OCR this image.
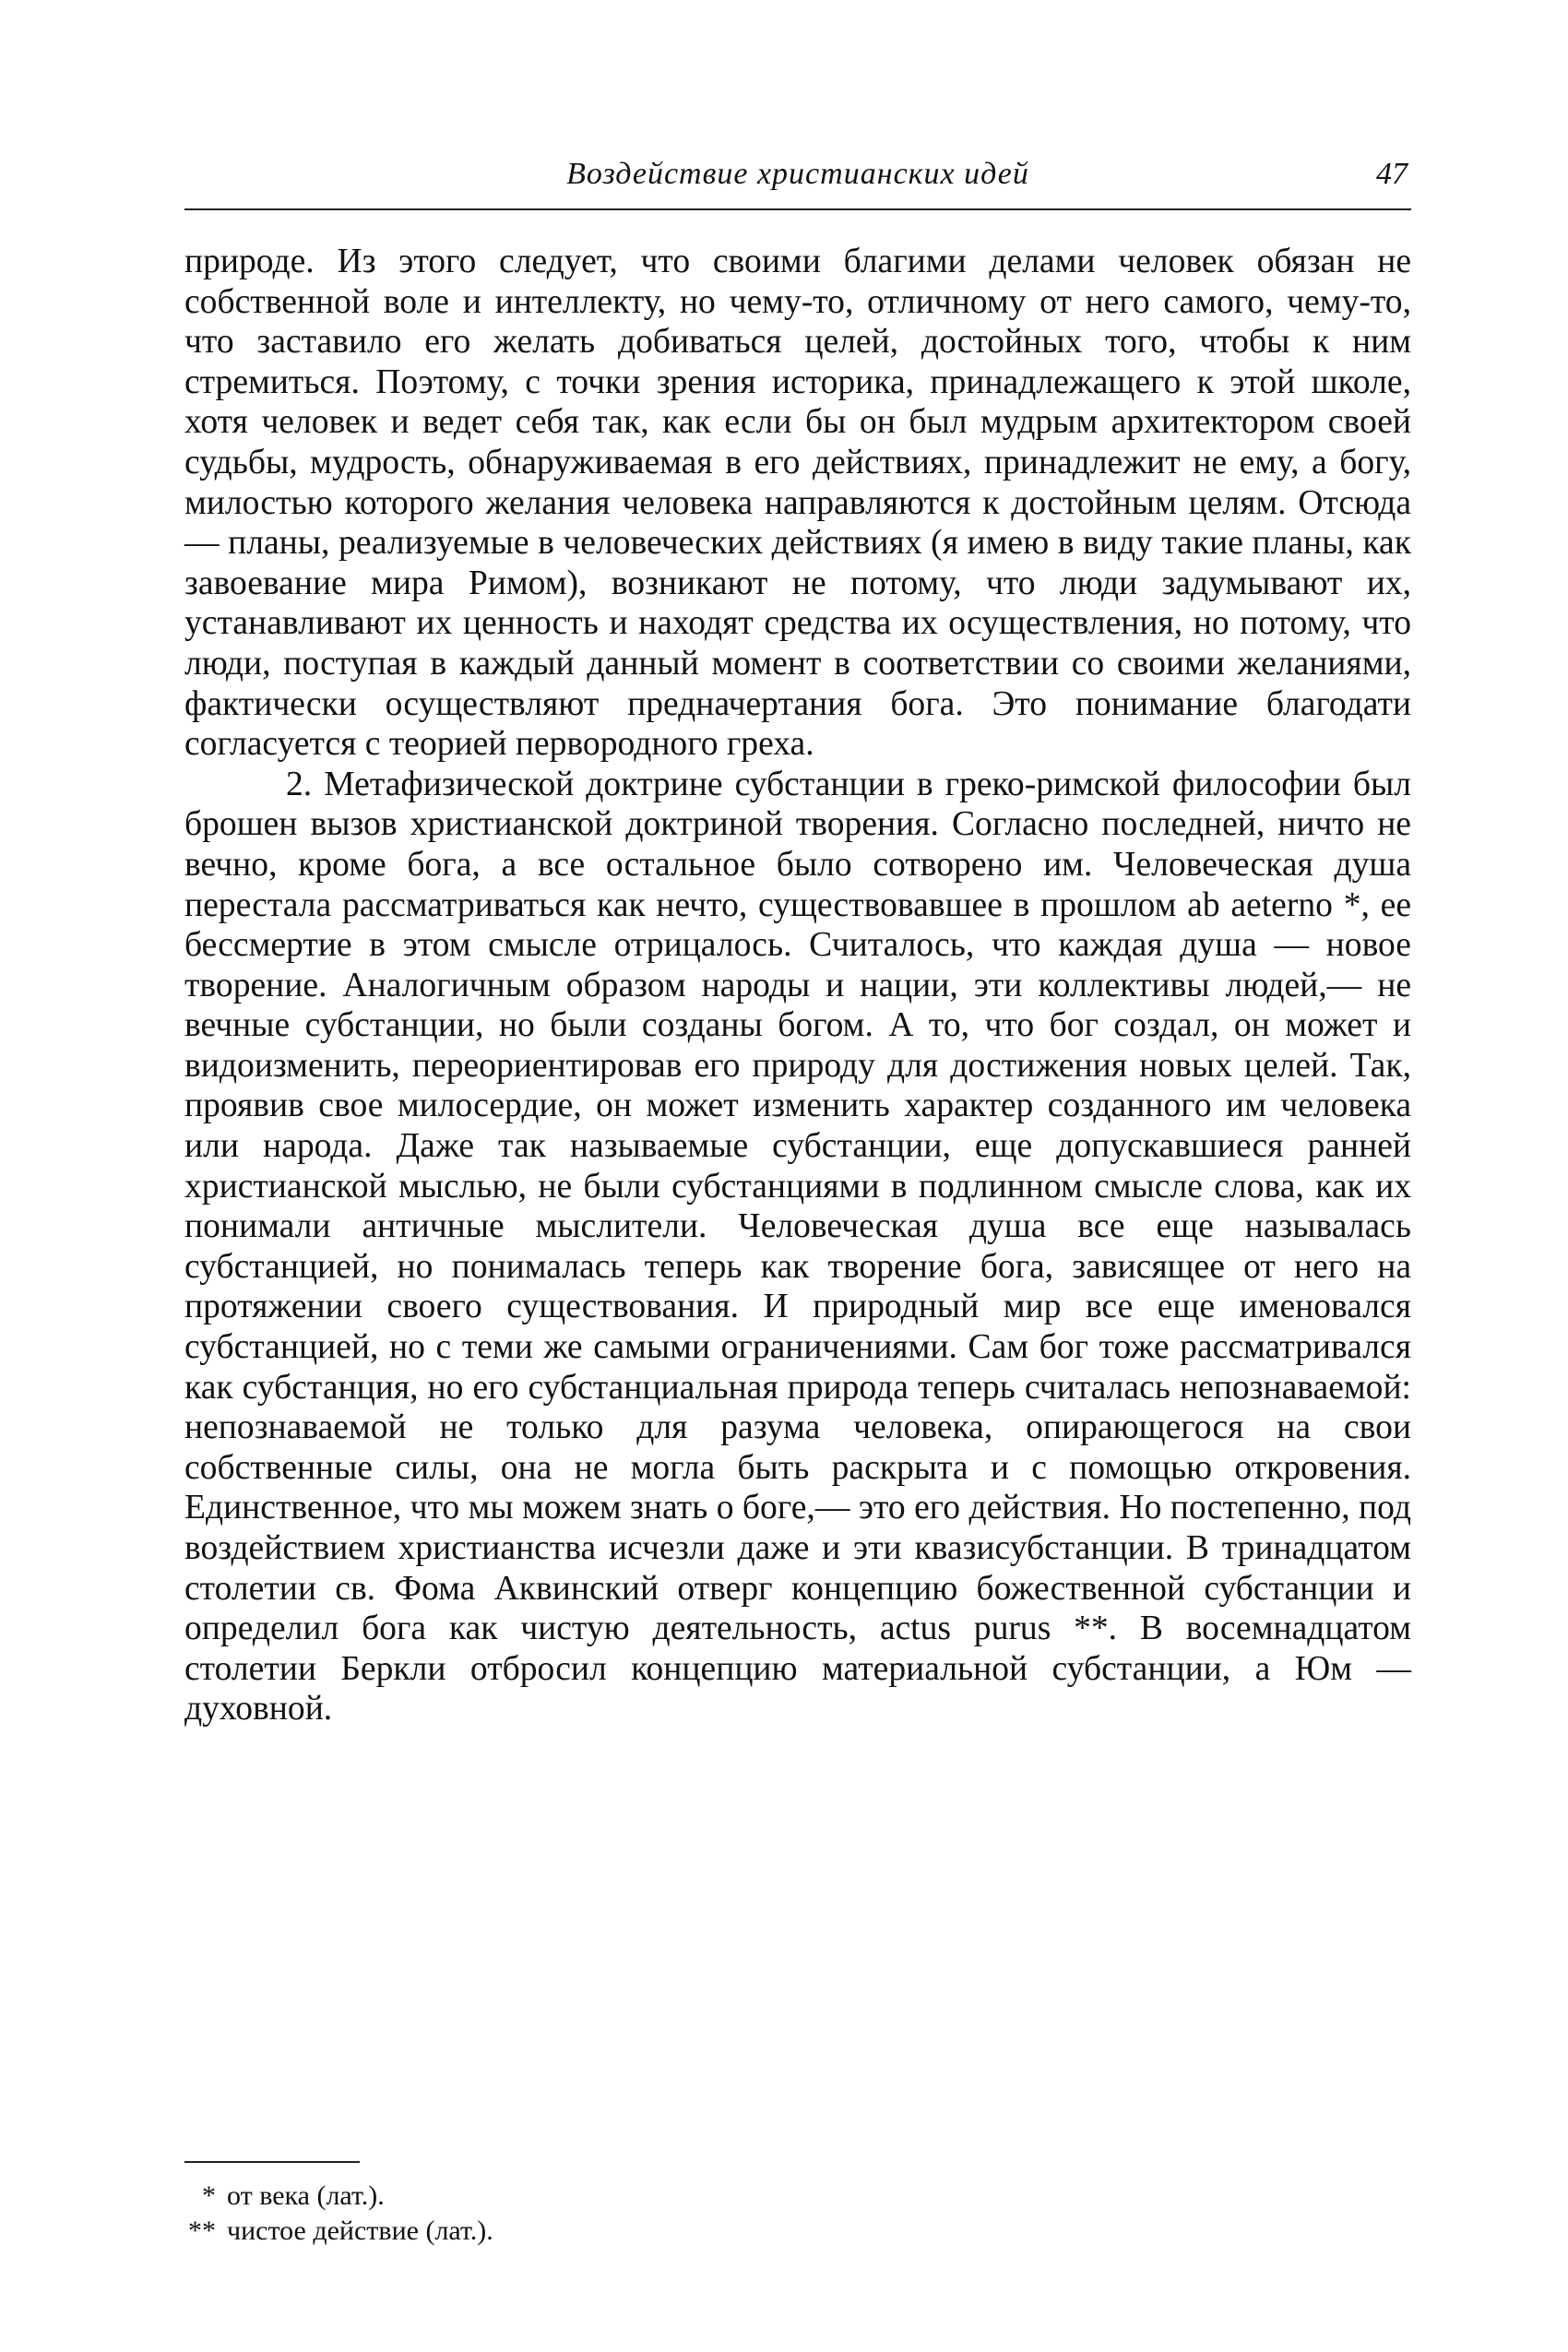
Воздействие христианских идей	47

природе. Из этого следует, что своими благими делами человек обязан не собственной воле и интеллекту, но чему-то, отличному от него самого, чему-то, что заставило его желать добиваться целей, достойных того, чтобы к ним стремиться. Поэтому, с точки зрения историка, принадлежащего к этой школе, хотя человек и ведет себя так, как если бы он был мудрым архитектором своей судьбы, мудрость, обнаруживаемая в его действиях, принадлежит не ему, а богу, милостью которого желания человека направляются к достойным целям. Отсюда — планы, реализуемые в человеческих действиях (я имею в виду такие планы, как завоевание мира Римом), возникают не потому, что люди задумывают их, устанавливают их ценность и находят средства их осуществления, но потому, что люди, поступая в каждый данный момент в соответствии со своими желаниями, фактически осуществляют предначертания бога. Это понимание благодати согласуется с теорией первородного греха.

2. Метафизической доктрине субстанции в греко-римской философии был брошен вызов христианской доктриной творения. Согласно последней, ничто не вечно, кроме бога, а все остальное было сотворено им. Человеческая душа перестала рассматриваться как нечто, существовавшее в прошлом ab aeterno *, ее бессмертие в этом смысле отрицалось. Считалось, что каждая душа — новое творение. Аналогичным образом народы и нации, эти коллективы людей,— не вечные субстанции, но были созданы богом. А то, что бог создал, он может и видоизменить, переориентировав его природу для достижения новых целей. Так, проявив свое милосердие, он может изменить характер созданного им человека или народа. Даже так называемые субстанции, еще допускавшиеся ранней христианской мыслью, не были субстанциями в подлинном смысле слова, как их понимали античные мыслители. Человеческая душа все еще называлась субстанцией, но понималась теперь как творение бога, зависящее от него на протяжении своего существования. И природный мир все еще именовался субстанцией, но с теми же самыми ограничениями. Сам бог тоже рассматривался как субстанция, но его субстанциальная природа теперь считалась непознаваемой: непознаваемой не только для разума человека, опирающегося на свои собственные силы, она не могла быть раскрыта и с помощью откровения. Единственное, что мы можем знать о боге,— это его действия. Но постепенно, под воздействием христианства исчезли даже и эти квазисубстанции. В тринадцатом столетии св. Фома Аквинский отверг концепцию божественной субстанции и определил бога как чистую деятельность, actus purus **. В восемнадцатом столетии Беркли отбросил концепцию материальной субстанции, а Юм — духовной.

* от века (лат.).
** чистое действие (лат.).
